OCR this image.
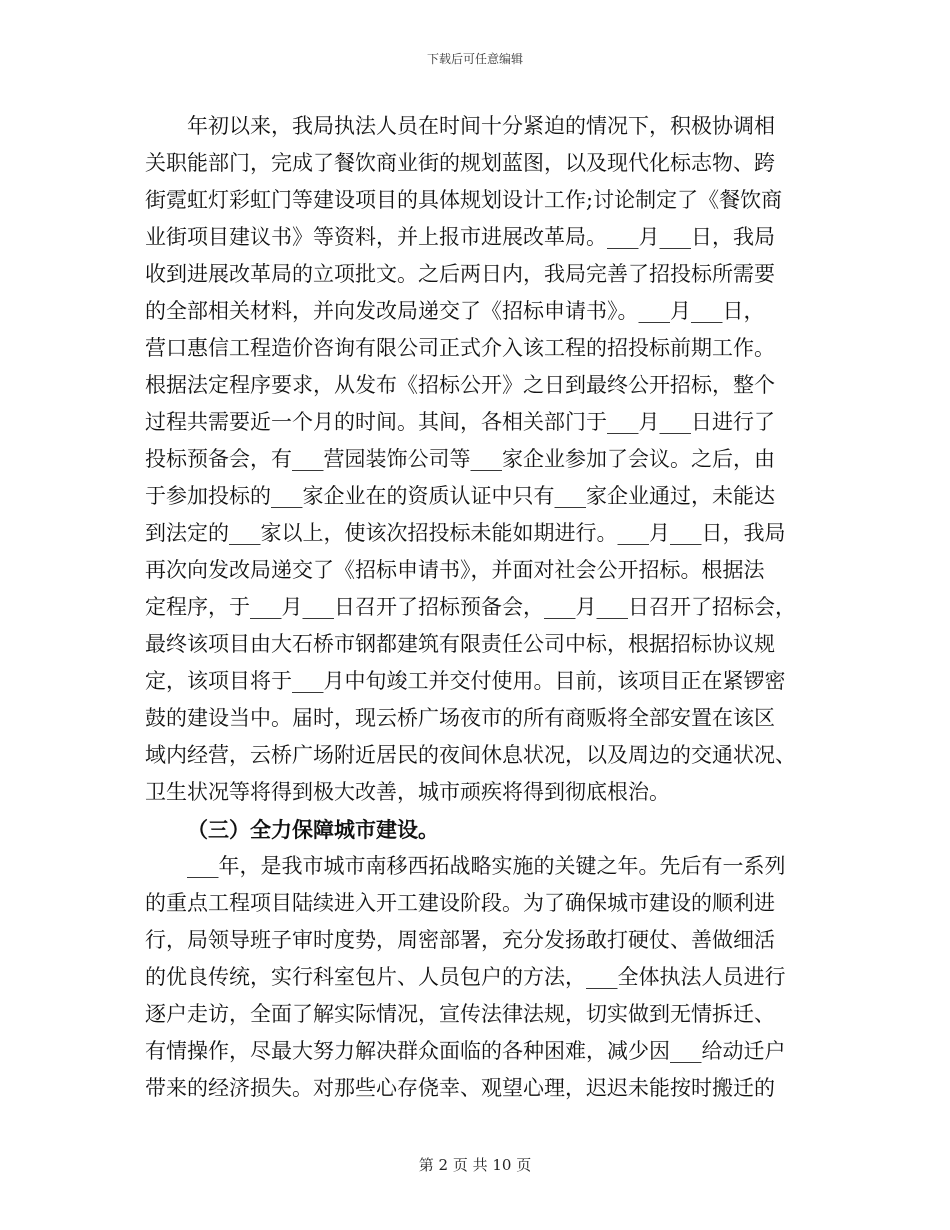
下载后可任意编辑
年初以来，我局执法人员在时间十分紧迫的情况下，积极协调相
关职能部门，完成了餐饮商业街的规划蓝图，以及现代化标志物、跨
街霓虹灯彩虹门等建设项目的具体规划设计工作;讨论制定了《餐饮商
业街项目建议书》等资料，并上报市进展改革局。___月___日，我局
收到进展改革局的立项批文。之后两日内，我局完善了招投标所需要
的全部相关材料，并向发改局递交了《招标申请书》。___月___日，
营口惠信工程造价咨询有限公司正式介入该工程的招投标前期工作。
根据法定程序要求，从发布《招标公开》之日到最终公开招标，整个
过程共需要近一个月的时间。其间，各相关部门于___月___日进行了
投标预备会，有___营园装饰公司等___家企业参加了会议。之后，由
于参加投标的___家企业在的资质认证中只有___家企业通过，未能达
到法定的___家以上，使该次招投标未能如期进行。___月___日，我局
再次向发改局递交了《招标申请书》，并面对社会公开招标。根据法
定程序，于___月___日召开了招标预备会，___月___日召开了招标会，
最终该项目由大石桥市钢都建筑有限责任公司中标，根据招标协议规
定，该项目将于___月中旬竣工并交付使用。目前，该项目正在紧锣密
鼓的建设当中。届时，现云桥广场夜市的所有商贩将全部安置在该区
域内经营，云桥广场附近居民的夜间休息状况，以及周边的交通状况、
卫生状况等将得到极大改善，城市顽疾将得到彻底根治。
（三）全力保障城市建设。
___年，是我市城市南移西拓战略实施的关键之年。先后有一系列
的重点工程项目陆续进入开工建设阶段。为了确保城市建设的顺利进
行，局领导班子审时度势，周密部署，充分发扬敢打硬仗、善做细活
的优良传统，实行科室包片、人员包户的方法，___全体执法人员进行
逐户走访，全面了解实际情况，宣传法律法规，切实做到无情拆迁、
有情操作，尽最大努力解决群众面临的各种困难，减少因___给动迁户
带来的经济损失。对那些心存侥幸、观望心理，迟迟未能按时搬迁的
第 2 页 共 10 页
